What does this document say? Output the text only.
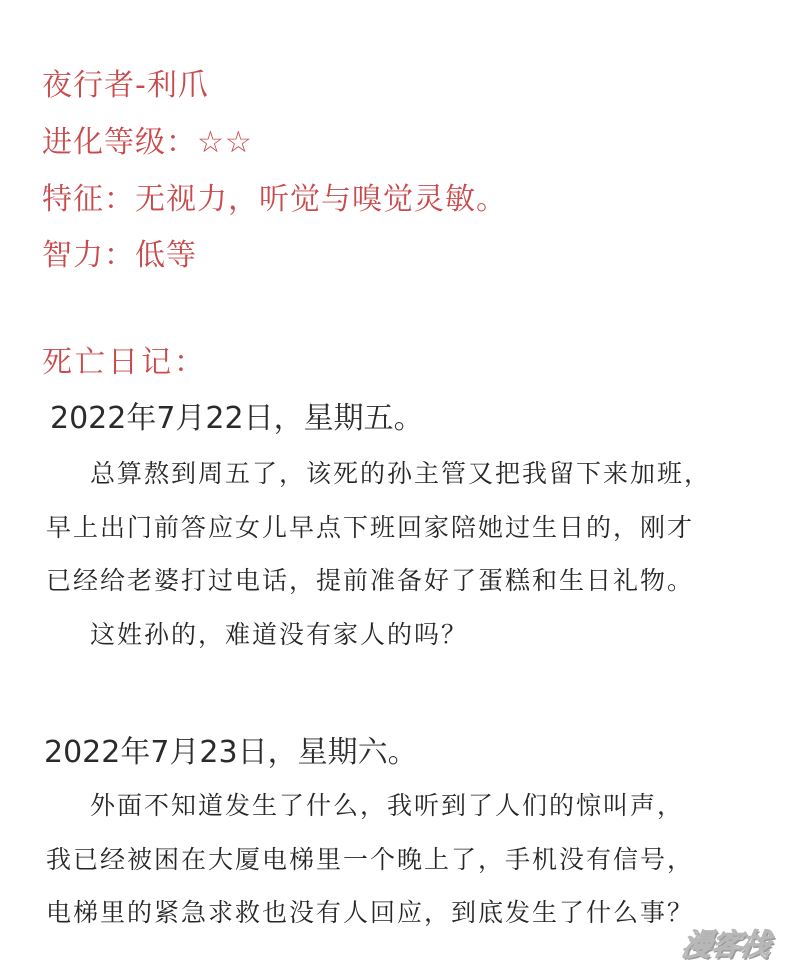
夜行者-利爪
进化等级：☆☆
特征：无视力，听觉与嗅觉灵敏。
智力：低等
死亡日记：
2022年7月22日，星期五。
总算熬到周五了，该死的孙主管又把我留下来加班，
早上出门前答应女儿早点下班回家陪她过生日的，刚才
已经给老婆打过电话，提前准备好了蛋糕和生日礼物。
这姓孙的，难道没有家人的吗？
2022年7月23日，星期六。
外面不知道发生了什么，我听到了人们的惊叫声，
我已经被困在大厦电梯里一个晚上了，手机没有信号，
电梯里的紧急求救也没有人回应，到底发生了什么事？
漫客栈
